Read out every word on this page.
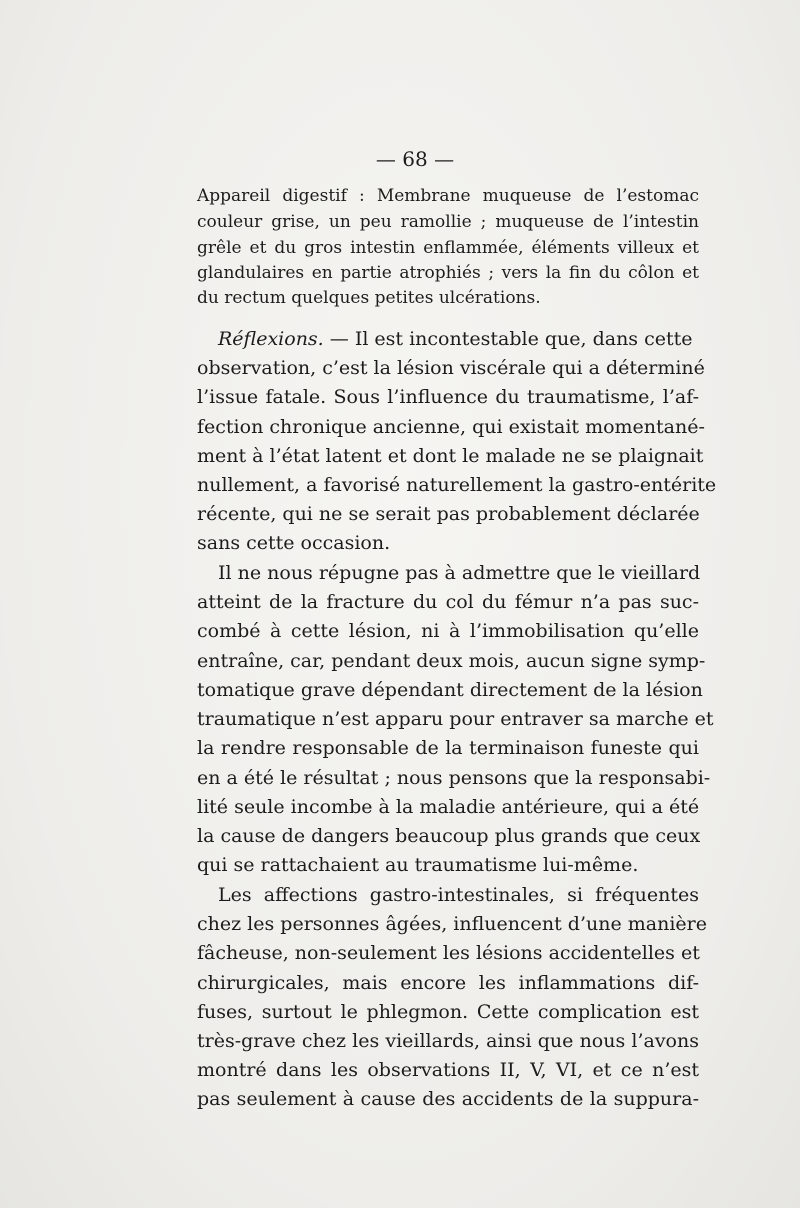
— 68 —
Appareil digestif : Membrane muqueuse de l’estomac
couleur grise, un peu ramollie ; muqueuse de l’intestin
grêle et du gros intestin enflammée, éléments villeux et
glandulaires en partie atrophiés ; vers la fin du côlon et
du rectum quelques petites ulcérations.
Réflexions. — Il est incontestable que, dans cette
observation, c’est la lésion viscérale qui a déterminé
l’issue fatale. Sous l’influence du traumatisme, l’af-
fection chronique ancienne, qui existait momentané-
ment à l’état latent et dont le malade ne se plaignait
nullement, a favorisé naturellement la gastro-entérite
récente, qui ne se serait pas probablement déclarée
sans cette occasion.
Il ne nous répugne pas à admettre que le vieillard
atteint de la fracture du col du fémur n’a pas suc-
combé à cette lésion, ni à l’immobilisation qu’elle
entraîne, car, pendant deux mois, aucun signe symp-
tomatique grave dépendant directement de la lésion
traumatique n’est apparu pour entraver sa marche et
la rendre responsable de la terminaison funeste qui
en a été le résultat ; nous pensons que la responsabi-
lité seule incombe à la maladie antérieure, qui a été
la cause de dangers beaucoup plus grands que ceux
qui se rattachaient au traumatisme lui-même.
Les affections gastro-intestinales, si fréquentes
chez les personnes âgées, influencent d’une manière
fâcheuse, non-seulement les lésions accidentelles et
chirurgicales, mais encore les inflammations dif-
fuses, surtout le phlegmon. Cette complication est
très-grave chez les vieillards, ainsi que nous l’avons
montré dans les observations II, V, VI, et ce n’est
pas seulement à cause des accidents de la suppura-
